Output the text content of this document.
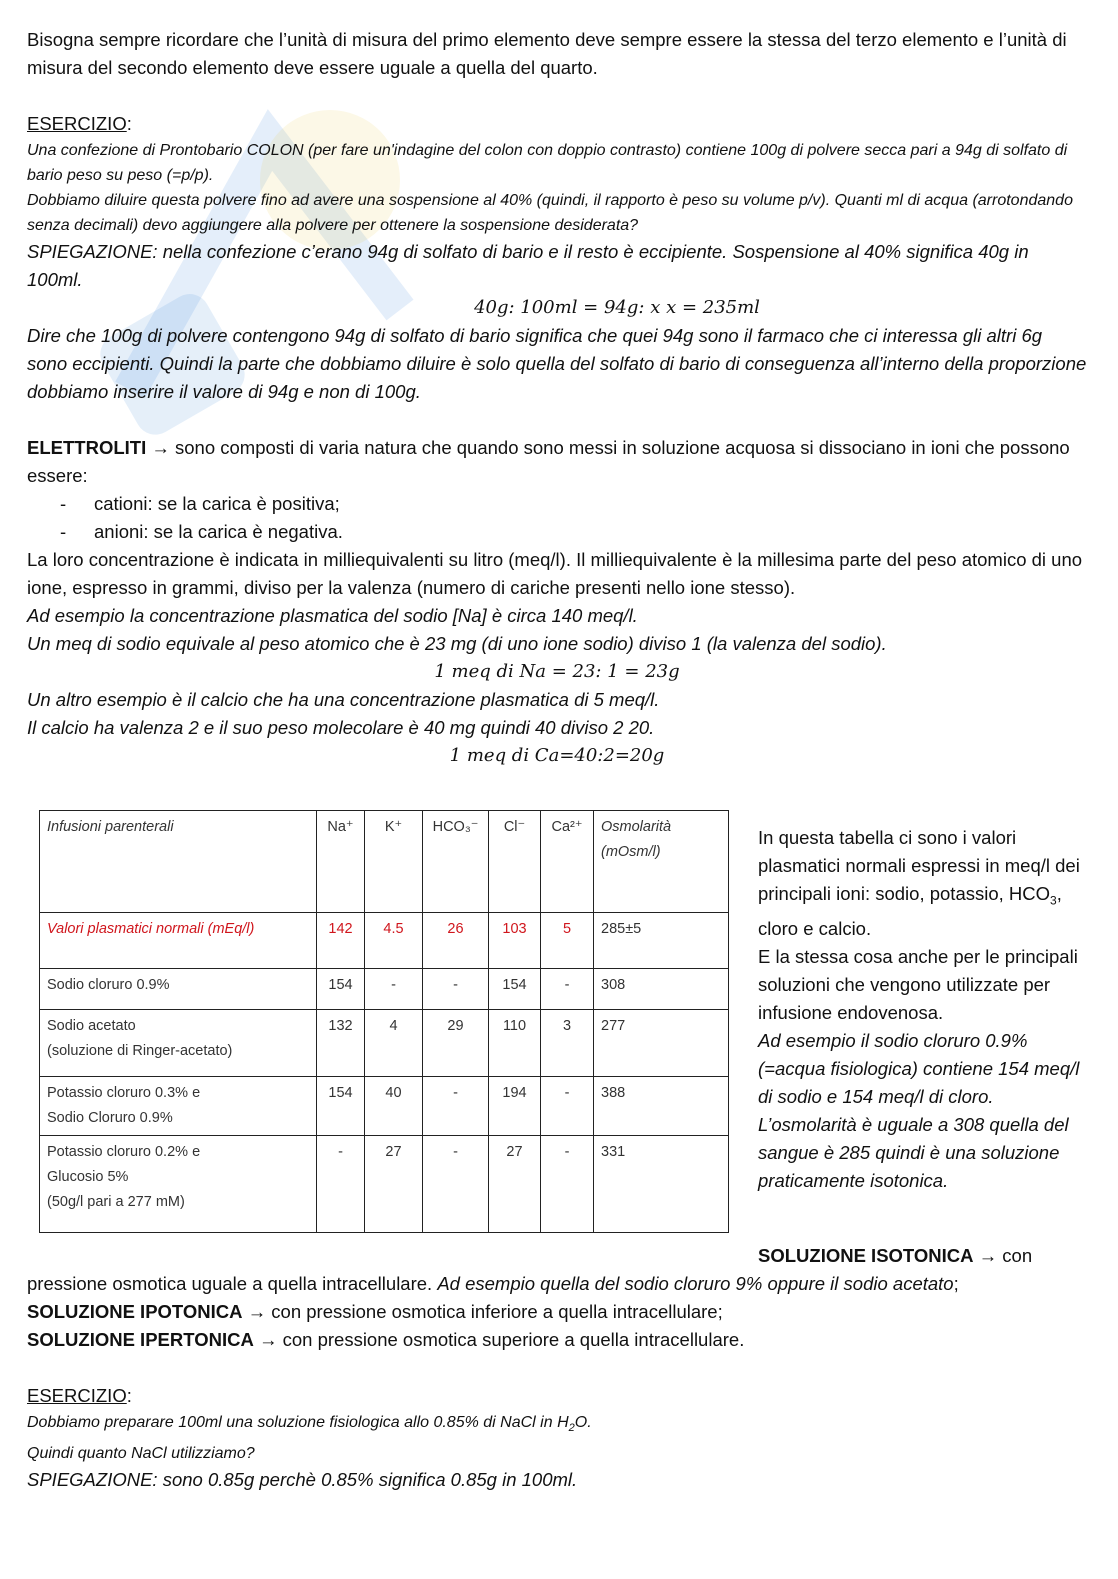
Bisogna sempre ricordare che l’unità di misura del primo elemento deve sempre essere la stessa del terzo elemento e l’unità di misura del secondo elemento deve essere uguale a quella del quarto.

ESERCIZIO:

Una confezione di Prontobario COLON (per fare un'indagine del colon con doppio contrasto) contiene 100g di polvere secca pari a 94g di solfato di bario peso su peso (=p/p).

Dobbiamo diluire questa polvere fino ad avere una sospensione al 40% (quindi, il rapporto è peso su volume p/v). Quanti ml di acqua (arrotondando senza decimali) devo aggiungere alla polvere per ottenere la sospensione desiderata?

SPIEGAZIONE: nella confezione c’erano 94g di solfato di bario e il resto è eccipiente. Sospensione al 40% significa 40g in 100ml.

40g: 100ml = 94g: x x = 235ml

Dire che 100g di polvere contengono 94g di solfato di bario significa che quei 94g sono il farmaco che ci interessa gli altri 6g sono eccipienti. Quindi la parte che dobbiamo diluire è solo quella del solfato di bario di conseguenza all’interno della proporzione dobbiamo inserire il valore di 94g e non di 100g.

ELETTROLITI → sono composti di varia natura che quando sono messi in soluzione acquosa si dissociano in ioni che possono essere:

- cationi: se la carica è positiva;
- anioni: se la carica è negativa.

La loro concentrazione è indicata in milliequivalenti su litro (meq/l). Il milliequivalente è la millesima parte del peso atomico di uno ione, espresso in grammi, diviso per la valenza (numero di cariche presenti nello ione stesso).

Ad esempio la concentrazione plasmatica del sodio [Na] è circa 140 meq/l.

Un meq di sodio equivale al peso atomico che è 23 mg (di uno ione sodio) diviso 1 (la valenza del sodio).

1 meq di Na = 23: 1 = 23g

Un altro esempio è il calcio che ha una concentrazione plasmatica di 5 meq/l.

Il calcio ha valenza 2 e il suo peso molecolare è 40 mg quindi 40 diviso 2 20.

1 meq di Ca=40:2=20g

Infusioni parenterali	Na⁺	K⁺	HCO₃⁻	Cl⁻	Ca²⁺	Osmolarità (mOsm/l)
Valori plasmatici normali (mEq/l)	142	4.5	26	103	5	285±5
Sodio cloruro 0.9%	154	-	-	154	-	308
Sodio acetato
(soluzione di Ringer-acetato)	132	4	29	110	3	277
Potassio cloruro 0.3% e
Sodio Cloruro 0.9%	154	40	-	194	-	388
Potassio cloruro 0.2% e
Glucosio 5%
(50g/l pari a 277 mM)	-	27	-	27	-	331

In questa tabella ci sono i valori plasmatici normali espressi in meq/l dei principali ioni: sodio, potassio, $HCO_3$, cloro e calcio.

E la stessa cosa anche per le principali soluzioni che vengono utilizzate per infusione endovenosa.

Ad esempio il sodio cloruro 0.9% (=acqua fisiologica) contiene 154 meq/l di sodio e 154 meq/l di cloro. L’osmolarità è uguale a 308 quella del sangue è 285 quindi è una soluzione praticamente isotonica.

SOLUZIONE ISOTONICA → con

pressione osmotica uguale a quella intracellulare. Ad esempio quella del sodio cloruro 9% oppure il sodio acetato;

SOLUZIONE IPOTONICA → con pressione osmotica inferiore a quella intracellulare;

SOLUZIONE IPERTONICA → con pressione osmotica superiore a quella intracellulare.

ESERCIZIO:

Dobbiamo preparare 100ml una soluzione fisiologica allo 0.85% di NaCl in $H_2O$.

Quindi quanto NaCl utilizziamo?

SPIEGAZIONE: sono 0.85g perchè 0.85% significa 0.85g in 100ml.
